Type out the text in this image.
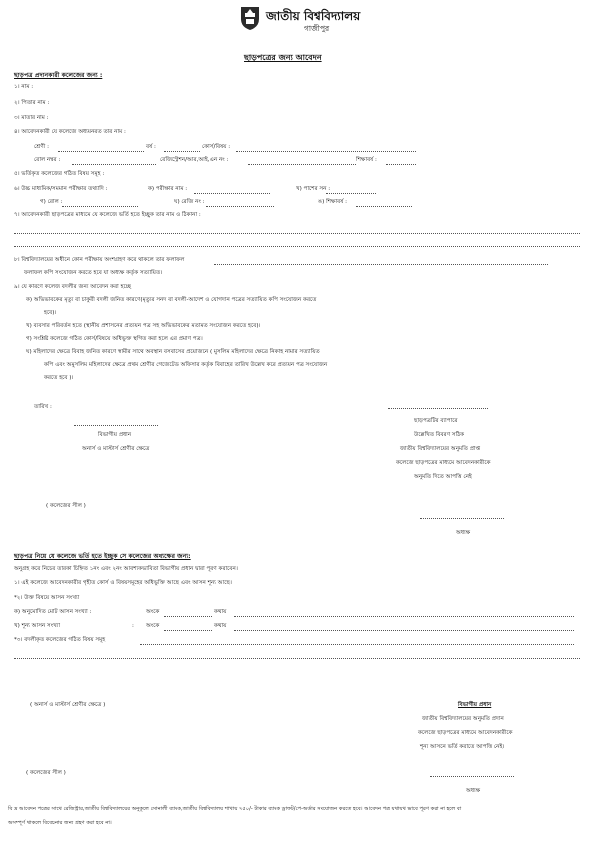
জাতীয় বিশ্ববিদ্যালয়
গাজীপুর
ছাড়পত্রের জন্য আবেদন
ছাড়পত্র প্রদানকারী কলেজের জন্য :
১। নাম :
২। পিতার নাম :
৩। মাতার নাম :
৪। আবেদনকারী যে কলেজে অধ্যয়নরত তার নাম :
শ্রেণী :	বর্ষ :	কোর্স/বিষয় :
রোল নম্বর :	রেজিস্ট্রেশন/আর,আই,এন নং :	শিক্ষাবর্ষ :
৫। ভর্তিকৃত কলেজের গঠিত বিষয় সমূহ :
৬। উচ্চ মাধ্যমিক/সমমান পরীক্ষার তথ্যাদি :	ক) পরীক্ষার নাম :	খ) পাশের সন :
গ) রোল :	ঘ) রেজি নং :	ঙ) শিক্ষাবর্ষ :
৭। আবেদনকারী ছাড়পত্রের মাধ্যমে যে কলেজে ভর্তি হতে ইচ্ছুক তার নাম ও ঠিকানা :
৮। বিশ্ববিদ্যালয়ের অধীনে কোন পরীক্ষায় অংশগ্রহণ করে থাকলে তার ফলাফল
ফলাফল কপি সংযোজন করতে হবে যা অধ্যক্ষ কর্তৃক সত্যায়িত।
৯। যে কারণে কলেজ বদলীর জন্য আবেদন করা হচ্ছে
ক) অভিভাবকের মৃত্যু বা চাকুরী বদলী জনিত কারণে(মৃত্যুর সনদ বা বদলী-আদেশ ও যোগদান পত্রের সত্যায়িত কপি সংযোজন করতে
হবে)।
খ) ব্যবসার পরিবর্তন হতে (স্থানীয় প্রশাসনের প্রত্যয়ন পত্র সহ অভিভাবকের মতামত সংযোজন করতে হবে)।
গ) সংশ্লিষ্ট কলেজে গঠিত কোর্স/বিষয়ে অধিভুক্ত স্থগিত করা হলে এর প্রমাণ পত্র।
ঘ) মহিলাদের ক্ষেত্রে বিবাহ জনিত কারণে স্বামীর সাথে অবস্থান বসবাসের প্রয়োজনে ( মুসলিম মহিলাদের ক্ষেত্রে নিকাহ নামার সত্যায়িত
কপি এবং অমুসলিম মহিলাদের ক্ষেত্রে প্রথম শ্রেণীর গেজেটেড অফিসার কর্তৃক বিবাহের তারিখ উল্লেখ করে প্রত্যয়ন পত্র সংযোজন
করতে হবে )।
তারিখ :
বিভাগীয় প্রধান
অনার্স ও মাস্টার্স শ্রেণীর ক্ষেত্রে
ছাড়পত্রটির ব্যাপারে
উল্লেখিত বিবরণ সঠিক
জাতীয় বিশ্ববিদ্যালয়ের অনুমতি প্রাপ্ত
কলেজে ছাড়পত্রের মাধ্যমে আবেদনকারীকে
অনুমতি দিতে আপত্তি নেই
( কলেজের সীল )
অধ্যক্ষ
ছাড়পত্র নিয়ে যে কলেজে ভর্তি হতে ইচ্ছুক সে কলেজের অধ্যক্ষের জন্য:
অনুগ্রহ করে নিচের তারকা চিহ্নিত ১নং এবং ২নং আবশ্যকভাবিতা বিভাগীয় প্রধান দ্বারা পূরণ করাবেন।
১। এই কলেজে আবেদনকারীর গৃহীত কোর্স ও বিষয়সমূহের অধিভুক্তি আছে এবং আসন শূন্য আছে।
*২। উক্ত বিষয়ে আসন সংখ্যা
ক) অনুমোদিত মোট আসন সংখ্যা :	অংকে	কথায়
খ) শূন্য আসন সংখ্যা	: অংকে	কথায়
*৩। বদলীকৃত কলেজের গঠিত বিষয় সমূহ
( অনার্স ও মাস্টার্স শ্রেণীর ক্ষেত্রে )	বিভাগীয় প্রধান
জাতীয় বিশ্ববিদ্যালয়ের অনুমতি প্রদান
কলেজে ছাড়পত্রের মাধ্যমে আবেদনকারীকে
শূন্য আসনে ভর্তি করাতে আপত্তি নেই।
( কলেজের সীল )
অধ্যক্ষ
বি দ্র আবেদন পত্রের সাথে রেজিস্ট্রার,জাতীয় বিশ্ববিদ্যালয়ের অনুকূলে সোনালী ব্যাংক,জাতীয় বিশ্ববিদ্যালয় শাখায় ৭৫০/- টাকার ব্যাংক ড্রাফট/পে-অর্ডার সংযোজন করতে হবে। আবেদন পত্র যথাযথ ভাবে পূরণ করা না হলে বা
অসম্পূর্ণ থাকলে বিবেচনার জন্য গ্রহণ করা হবে না।
